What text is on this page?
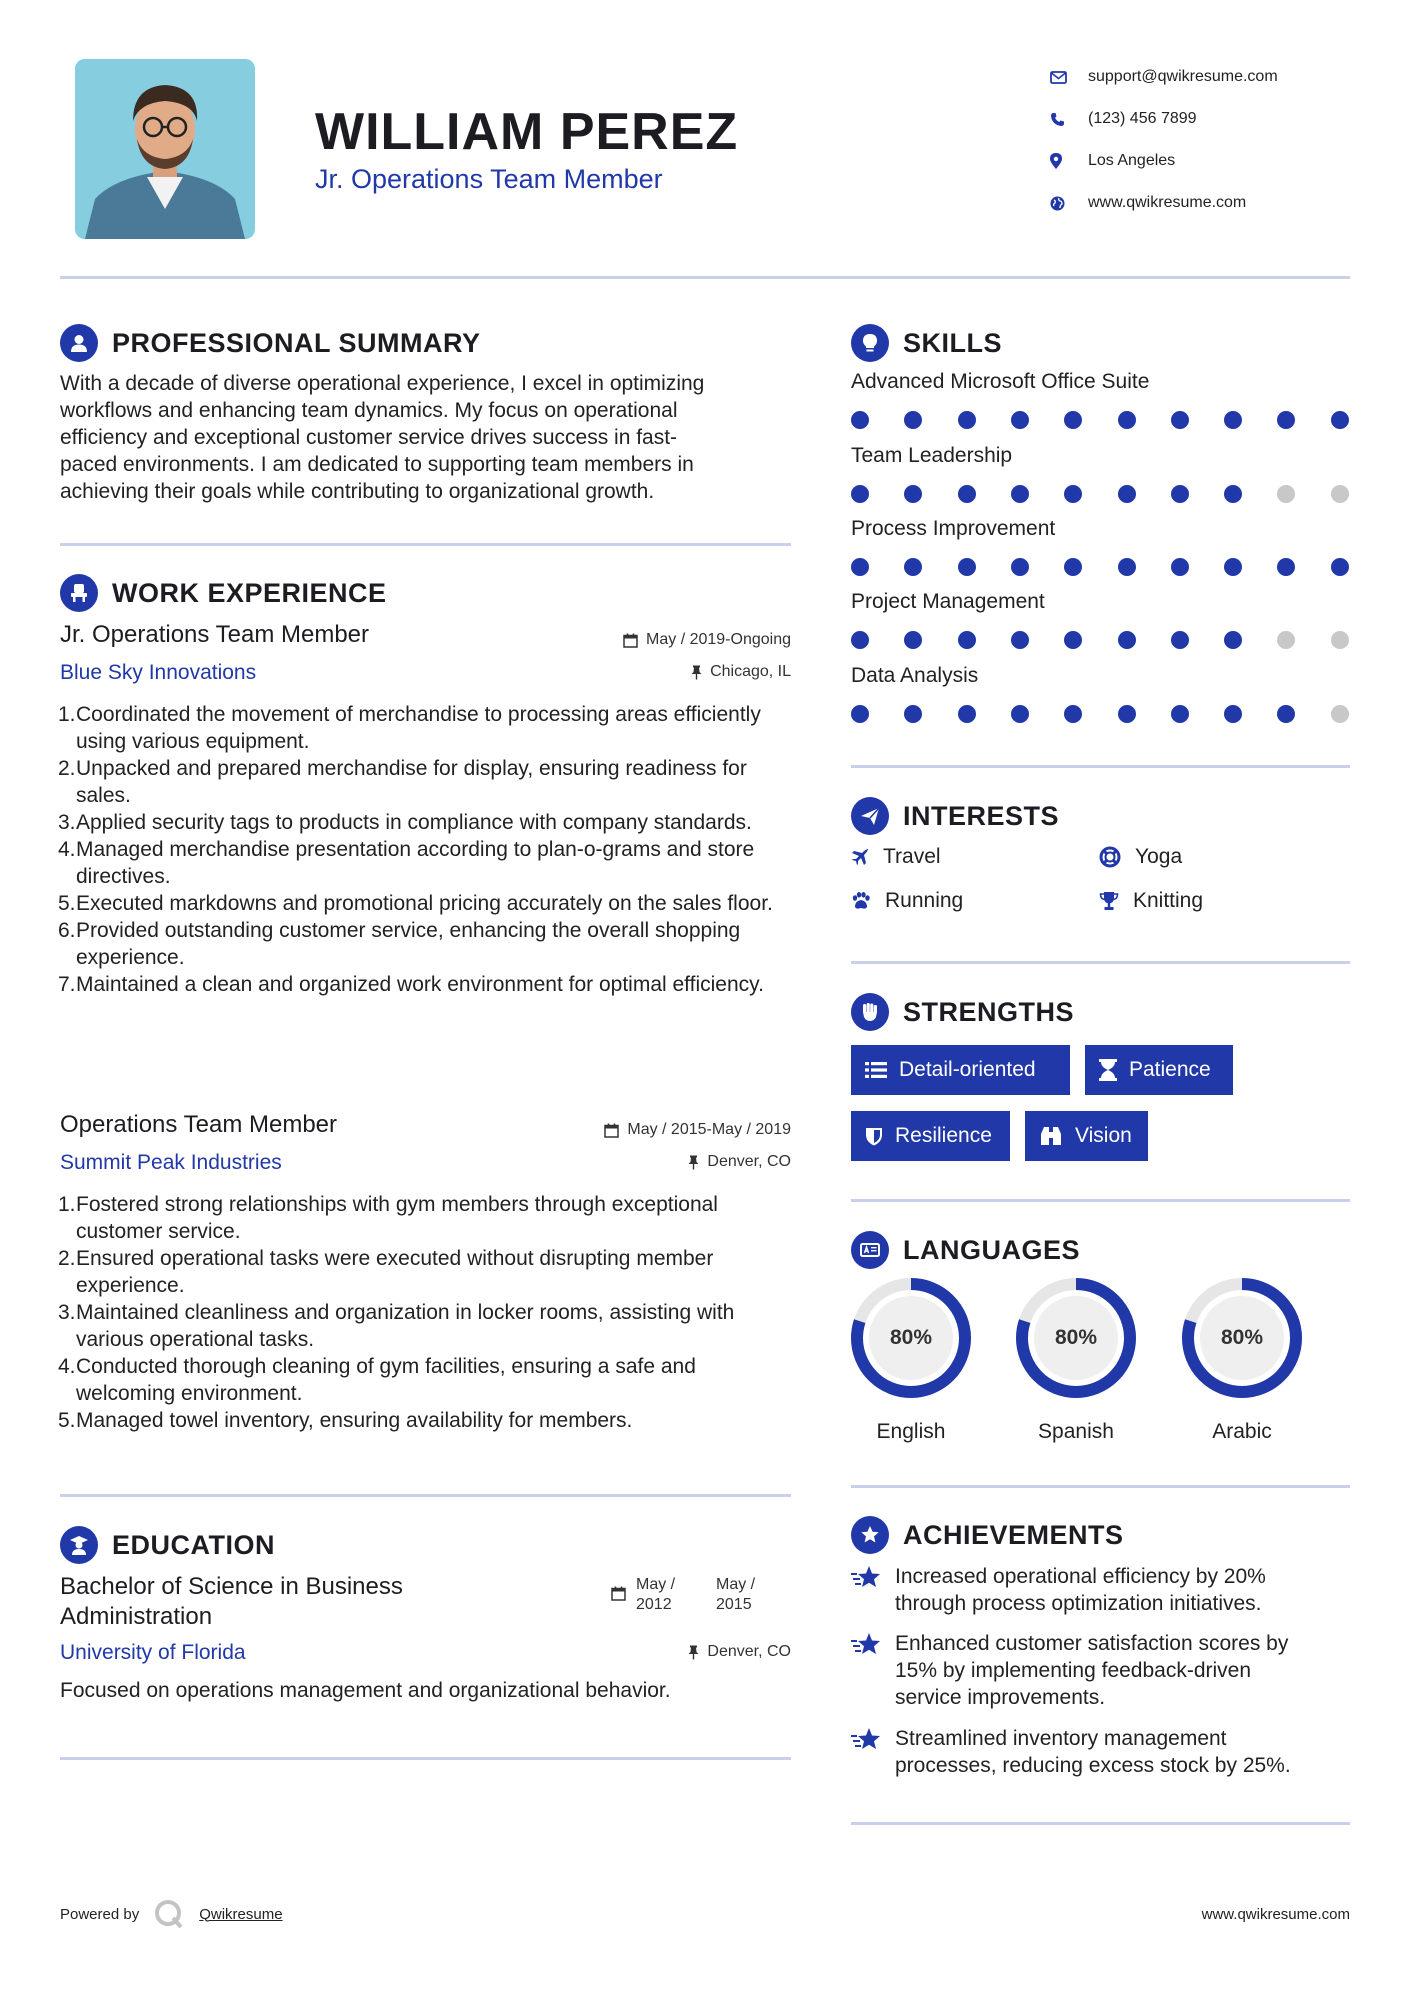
WILLIAM PEREZ
Jr. Operations Team Member
support@qwikresume.com
(123) 456 7899
Los Angeles
www.qwikresume.com
PROFESSIONAL SUMMARY
With a decade of diverse operational experience, I excel in optimizing
workflows and enhancing team dynamics. My focus on operational
efficiency and exceptional customer service drives success in fast-
paced environments. I am dedicated to supporting team members in
achieving their goals while contributing to organizational growth.
WORK EXPERIENCE
Jr. Operations Team Member
Blue Sky Innovations
May / 2019-Ongoing
Chicago, IL
1. Coordinated the movement of merchandise to processing areas efficiently using various equipment.
2. Unpacked and prepared merchandise for display, ensuring readiness for sales.
3. Applied security tags to products in compliance with company standards.
4. Managed merchandise presentation according to plan-o-grams and store directives.
5. Executed markdowns and promotional pricing accurately on the sales floor.
6. Provided outstanding customer service, enhancing the overall shopping experience.
7. Maintained a clean and organized work environment for optimal efficiency.
Operations Team Member
Summit Peak Industries
May / 2015-May / 2019
Denver, CO
1. Fostered strong relationships with gym members through exceptional customer service.
2. Ensured operational tasks were executed without disrupting member experience.
3. Maintained cleanliness and organization in locker rooms, assisting with various operational tasks.
4. Conducted thorough cleaning of gym facilities, ensuring a safe and welcoming environment.
5. Managed towel inventory, ensuring availability for members.
EDUCATION
Bachelor of Science in Business
Administration
May /
2012
May /
2015
University of Florida	Denver, CO
Focused on operations management and organizational behavior.
SKILLS
Advanced Microsoft Office Suite
Team Leadership
Process Improvement
Project Management
Data Analysis
INTERESTS
Travel	Yoga
Running	Knitting
STRENGTHS
Detail-oriented	Patience
Resilience	Vision
LANGUAGES
80%
English
80%
Spanish
80%
Arabic
ACHIEVEMENTS
Increased operational efficiency by 20%
through process optimization initiatives.
Enhanced customer satisfaction scores by
15% by implementing feedback-driven
service improvements.
Streamlined inventory management
processes, reducing excess stock by 25%.
Powered by	Qwikresume	www.qwikresume.com
